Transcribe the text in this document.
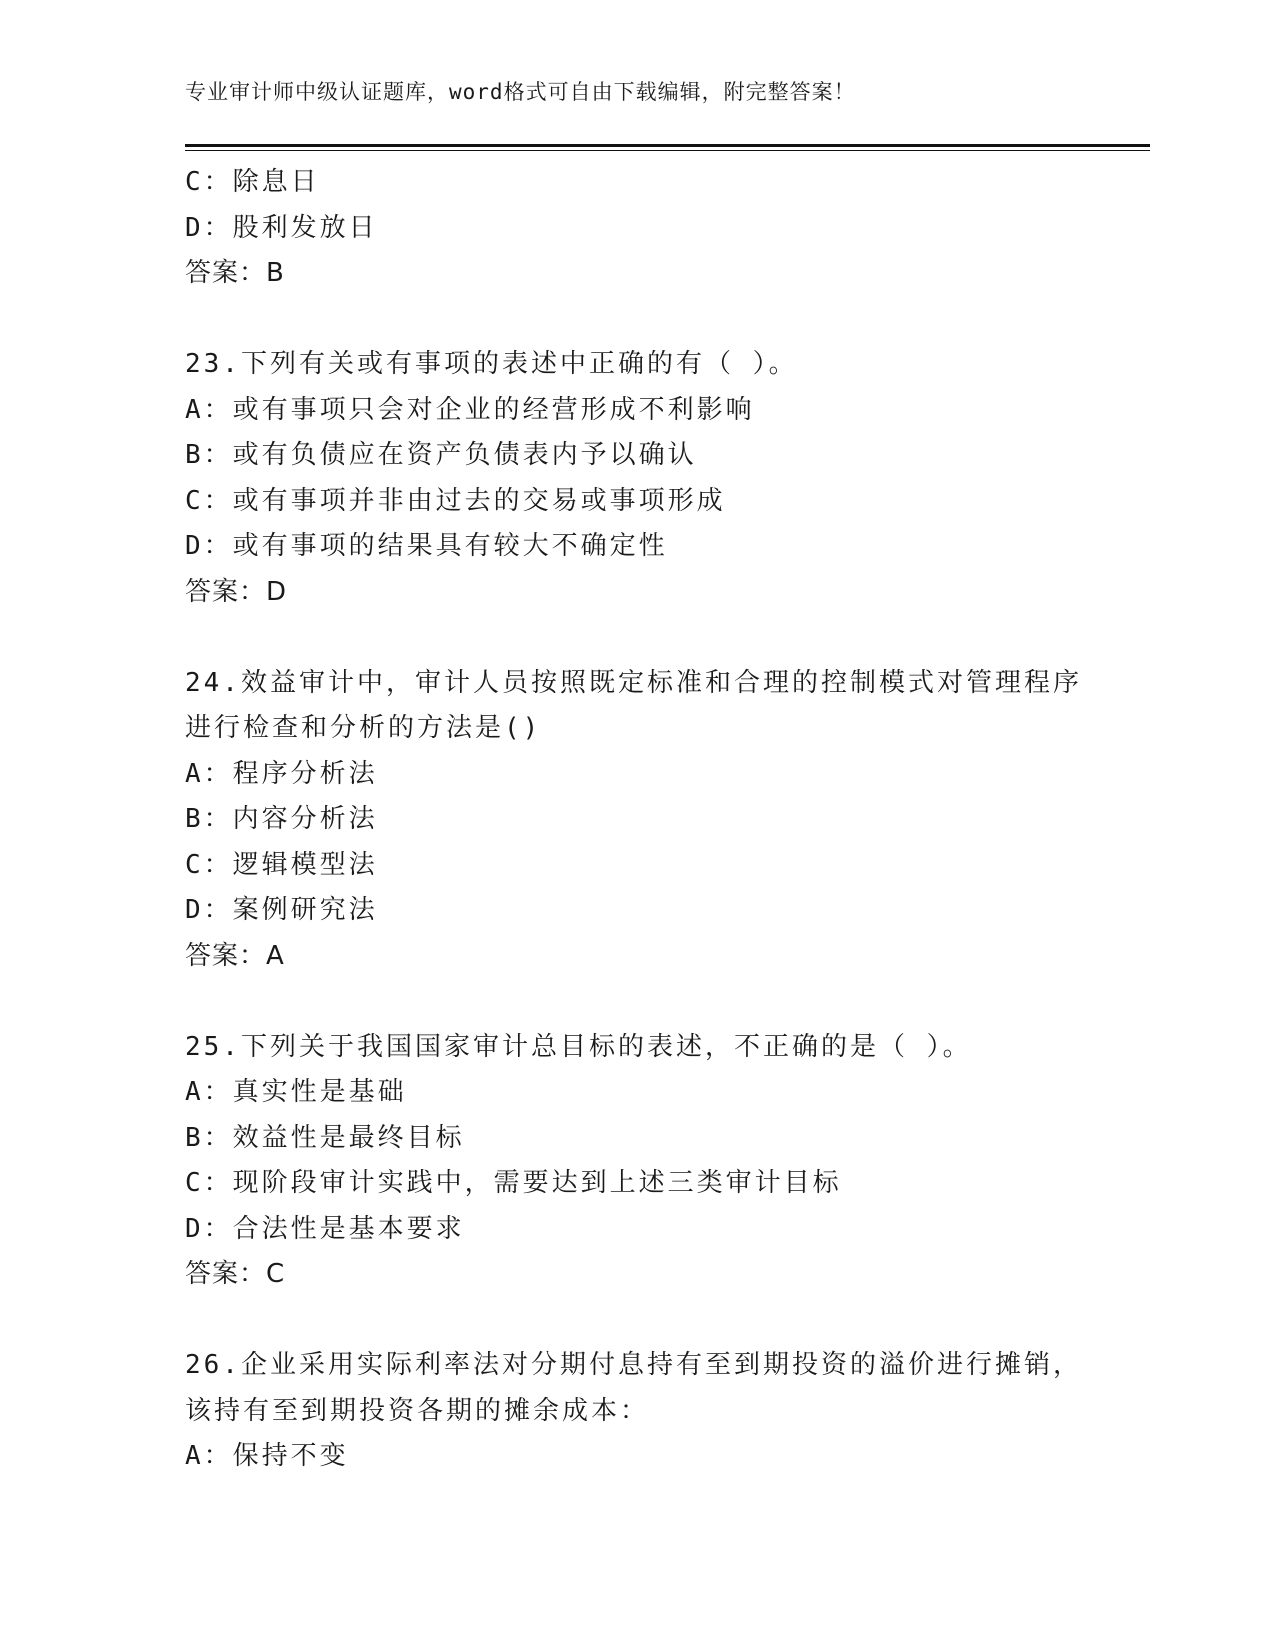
专业审计师中级认证题库，word格式可自由下载编辑，附完整答案！
C：除息日
D：股利发放日
答案：B
23.下列有关或有事项的表述中正确的有（ ）。
A：或有事项只会对企业的经营形成不利影响
B：或有负债应在资产负债表内予以确认
C：或有事项并非由过去的交易或事项形成
D：或有事项的结果具有较大不确定性
答案：D
24.效益审计中，审计人员按照既定标准和合理的控制模式对管理程序
进行检查和分析的方法是()
A：程序分析法
B：内容分析法
C：逻辑模型法
D：案例研究法
答案：A
25.下列关于我国国家审计总目标的表述，不正确的是（ ）。
A：真实性是基础
B：效益性是最终目标
C：现阶段审计实践中，需要达到上述三类审计目标
D：合法性是基本要求
答案：C
26.企业采用实际利率法对分期付息持有至到期投资的溢价进行摊销，
该持有至到期投资各期的摊余成本：
A：保持不变
